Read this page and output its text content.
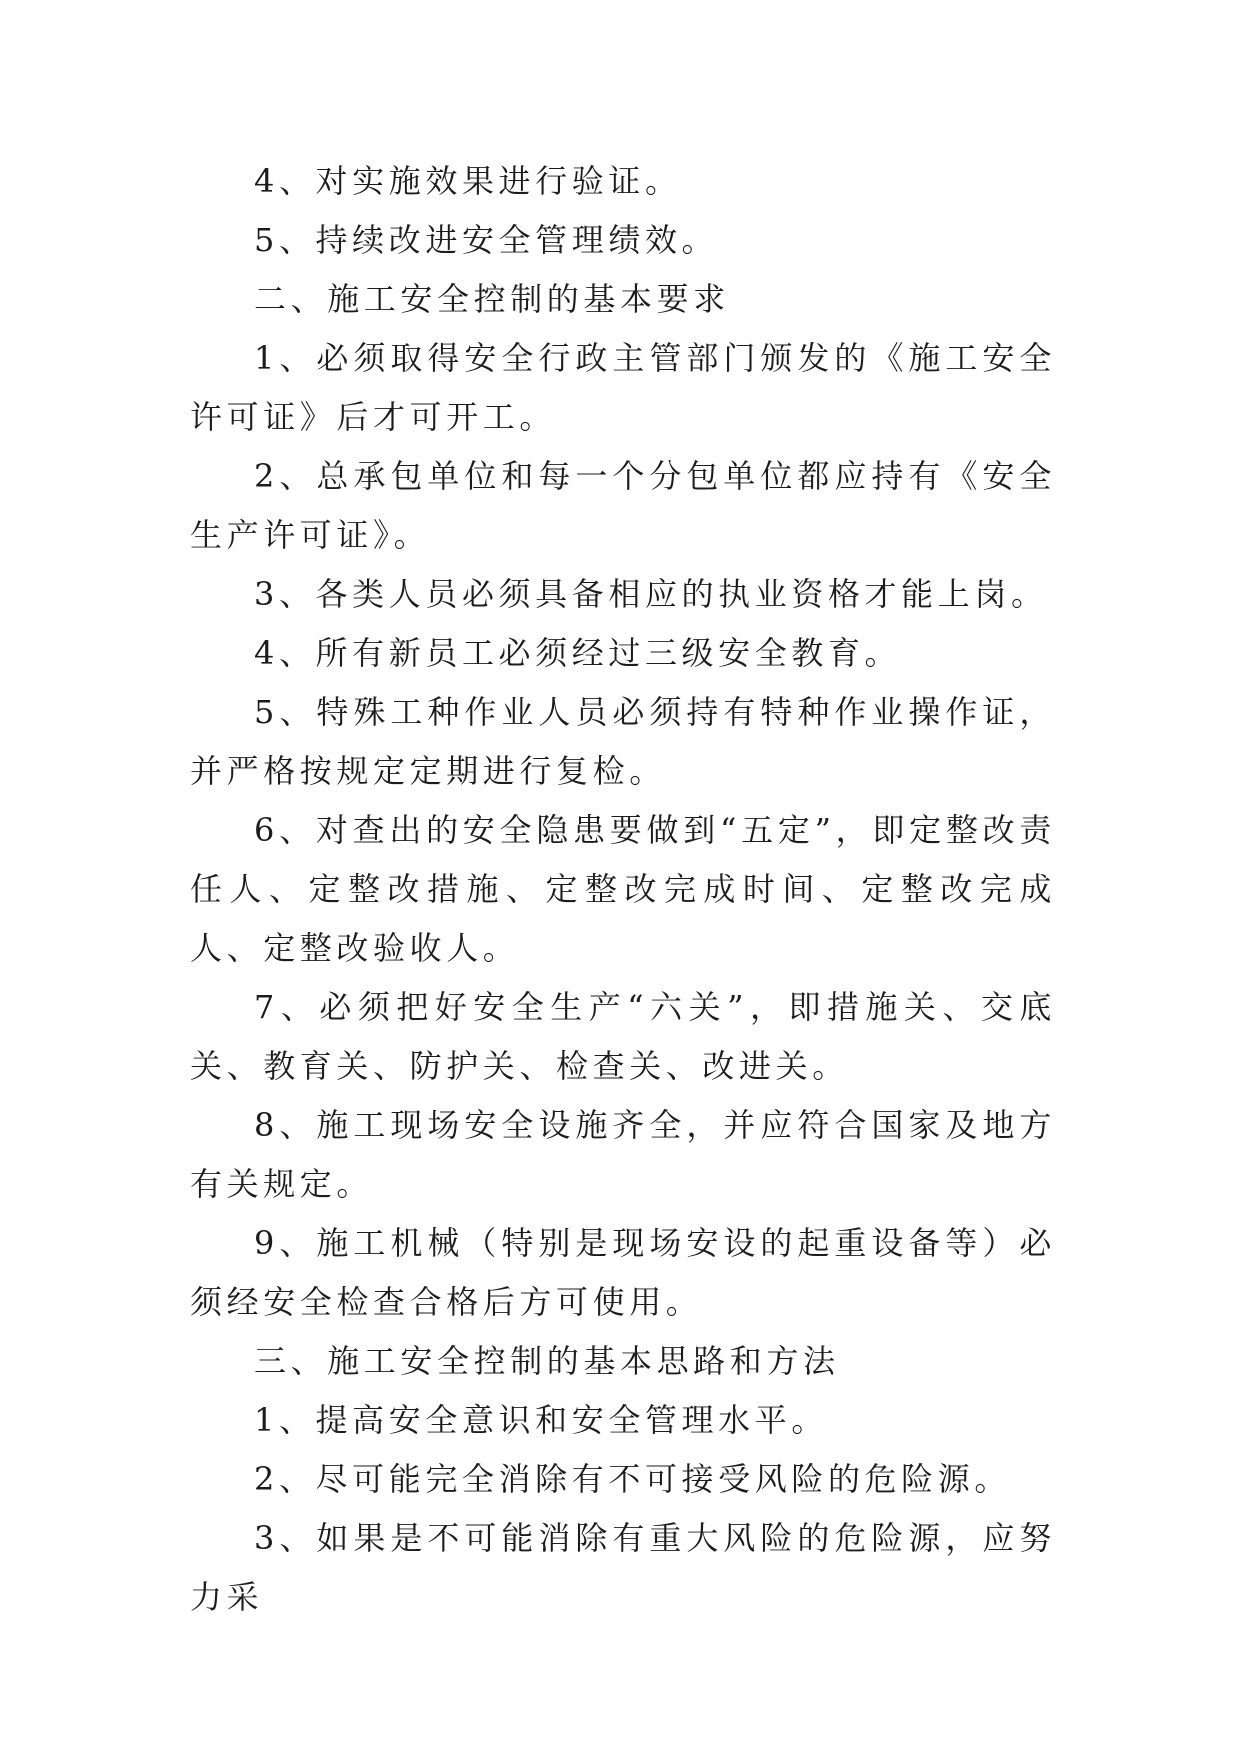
4、对实施效果进行验证。

5、持续改进安全管理绩效。

二、施工安全控制的基本要求

1、必须取得安全行政主管部门颁发的《施工安全许可证》后才可开工。

2、总承包单位和每一个分包单位都应持有《安全生产许可证》。

3、各类人员必须具备相应的执业资格才能上岗。

4、所有新员工必须经过三级安全教育。

5、特殊工种作业人员必须持有特种作业操作证，并严格按规定定期进行复检。

6、对查出的安全隐患要做到“五定”，即定整改责任人、定整改措施、定整改完成时间、定整改完成人、定整改验收人。

7、必须把好安全生产“六关”，即措施关、交底关、教育关、防护关、检查关、改进关。

8、施工现场安全设施齐全，并应符合国家及地方有关规定。

9、施工机械（特别是现场安设的起重设备等）必须经安全检查合格后方可使用。

三、施工安全控制的基本思路和方法

1、提高安全意识和安全管理水平。

2、尽可能完全消除有不可接受风险的危险源。

3、如果是不可能消除有重大风险的危险源，应努力采
